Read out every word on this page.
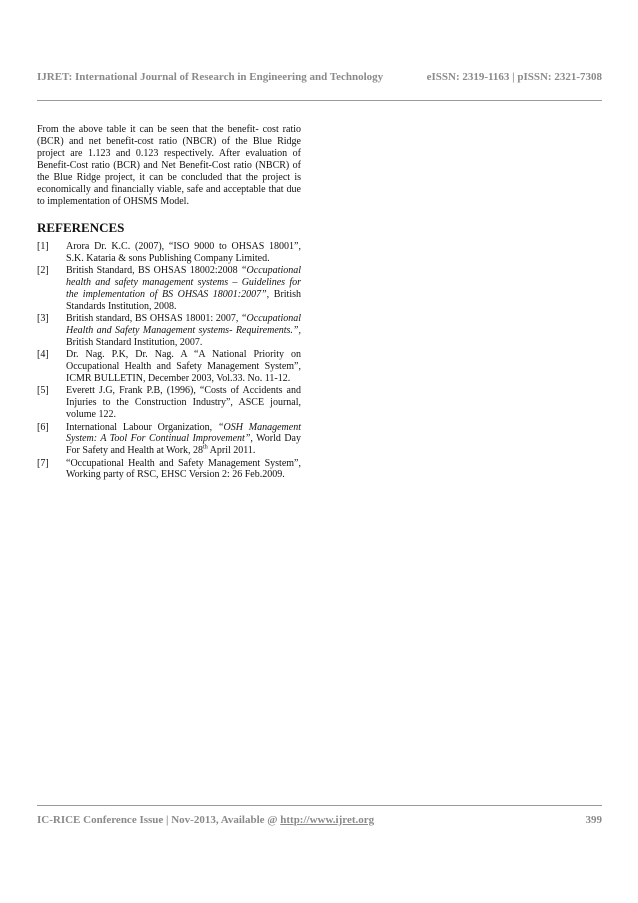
IJRET: International Journal of Research in Engineering and Technology	eISSN: 2319-1163 | pISSN: 2321-7308

From the above table it can be seen that the benefit- cost ratio (BCR) and net benefit-cost ratio (NBCR) of the Blue Ridge project are 1.123 and 0.123 respectively. After evaluation of Benefit-Cost ratio (BCR) and Net Benefit-Cost ratio (NBCR) of the Blue Ridge project, it can be concluded that the project is economically and financially viable, safe and acceptable that due to implementation of OHSMS Model.

REFERENCES
[1]	Arora Dr. K.C. (2007), “ISO 9000 to OHSAS 18001”, S.K. Kataria & sons Publishing Company Limited.
[2]	British Standard, BS OHSAS 18002:2008 “Occupational health and safety management systems – Guidelines for the implementation of BS OHSAS 18001:2007”, British Standards Institution, 2008.
[3]	British standard, BS OHSAS 18001: 2007, “Occupational Health and Safety Management systems- Requirements.”, British Standard Institution, 2007.
[4]	Dr. Nag. P.K, Dr. Nag. A “A National Priority on Occupational Health and Safety Management System”, ICMR BULLETIN, December 2003, Vol.33. No. 11-12.
[5]	Everett J.G, Frank P.B, (1996), “Costs of Accidents and Injuries to the Construction Industry”, ASCE journal, volume 122.
[6]	International Labour Organization, “OSH Management System: A Tool For Continual Improvement”, World Day For Safety and Health at Work, 28th April 2011.
[7]	“Occupational Health and Safety Management System”, Working party of RSC, EHSC Version 2: 26 Feb.2009.
IC-RICE Conference Issue | Nov-2013, Available @ http://www.ijret.org	399
